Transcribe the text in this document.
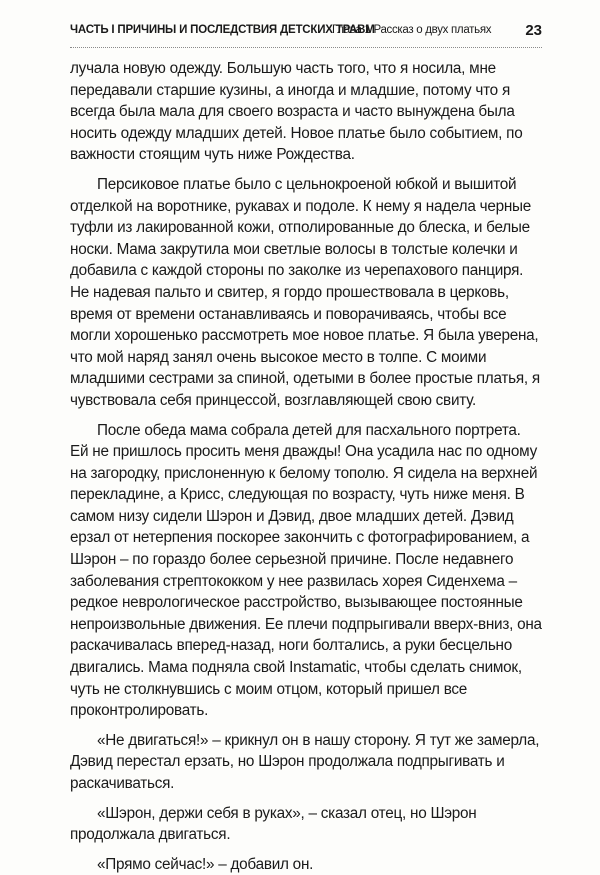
ЧАСТЬ I ПРИЧИНЫ И ПОСЛЕДСТВИЯ ДЕТСКИХ ТРАВМ
Глава 1 Рассказ о двух платьях 23

лучала новую одежду. Большую часть того, что я носила, мне передавали старшие кузины, а иногда и младшие, потому что я всегда была мала для своего возраста и часто вынуждена была носить одежду младших детей. Новое платье было событием, по важности стоящим чуть ниже Рождества.

Персиковое платье было с цельнокроеной юбкой и вышитой отделкой на воротнике, рукавах и подоле. К нему я надела черные туфли из лакированной кожи, отполированные до блеска, и белые носки. Мама закрутила мои светлые волосы в толстые колечки и добавила с каждой стороны по заколке из черепахового панциря. Не надевая пальто и свитер, я гордо прошествовала в церковь, время от времени останавливаясь и поворачиваясь, чтобы все могли хорошенько рассмотреть мое новое платье. Я была уверена, что мой наряд занял очень высокое место в толпе. С моими младшими сестрами за спиной, одетыми в более простые платья, я чувствовала себя принцессой, возглавляющей свою свиту.

После обеда мама собрала детей для пасхального портрета. Ей не пришлось просить меня дважды! Она усадила нас по одному на загородку, прислоненную к белому тополю. Я сидела на верхней перекладине, а Крисс, следующая по возрасту, чуть ниже меня. В самом низу сидели Шэрон и Дэвид, двое младших детей. Дэвид ерзал от нетерпения поскорее закончить с фотографированием, а Шэрон – по гораздо более серьезной причине. После недавнего заболевания стрептококком у нее развилась хорея Сиденхема – редкое неврологическое расстройство, вызывающее постоянные непроизвольные движения. Ее плечи подпрыгивали вверх-вниз, она раскачивалась вперед-назад, ноги болтались, а руки бесцельно двигались. Мама подняла свой Instamatic, чтобы сделать снимок, чуть не столкнувшись с моим отцом, который пришел все проконтролировать.

«Не двигаться!» – крикнул он в нашу сторону. Я тут же замерла, Дэвид перестал ерзать, но Шэрон продолжала подпрыгивать и раскачиваться.

«Шэрон, держи себя в руках», – сказал отец, но Шэрон продолжала двигаться.

«Прямо сейчас!» – добавил он.
